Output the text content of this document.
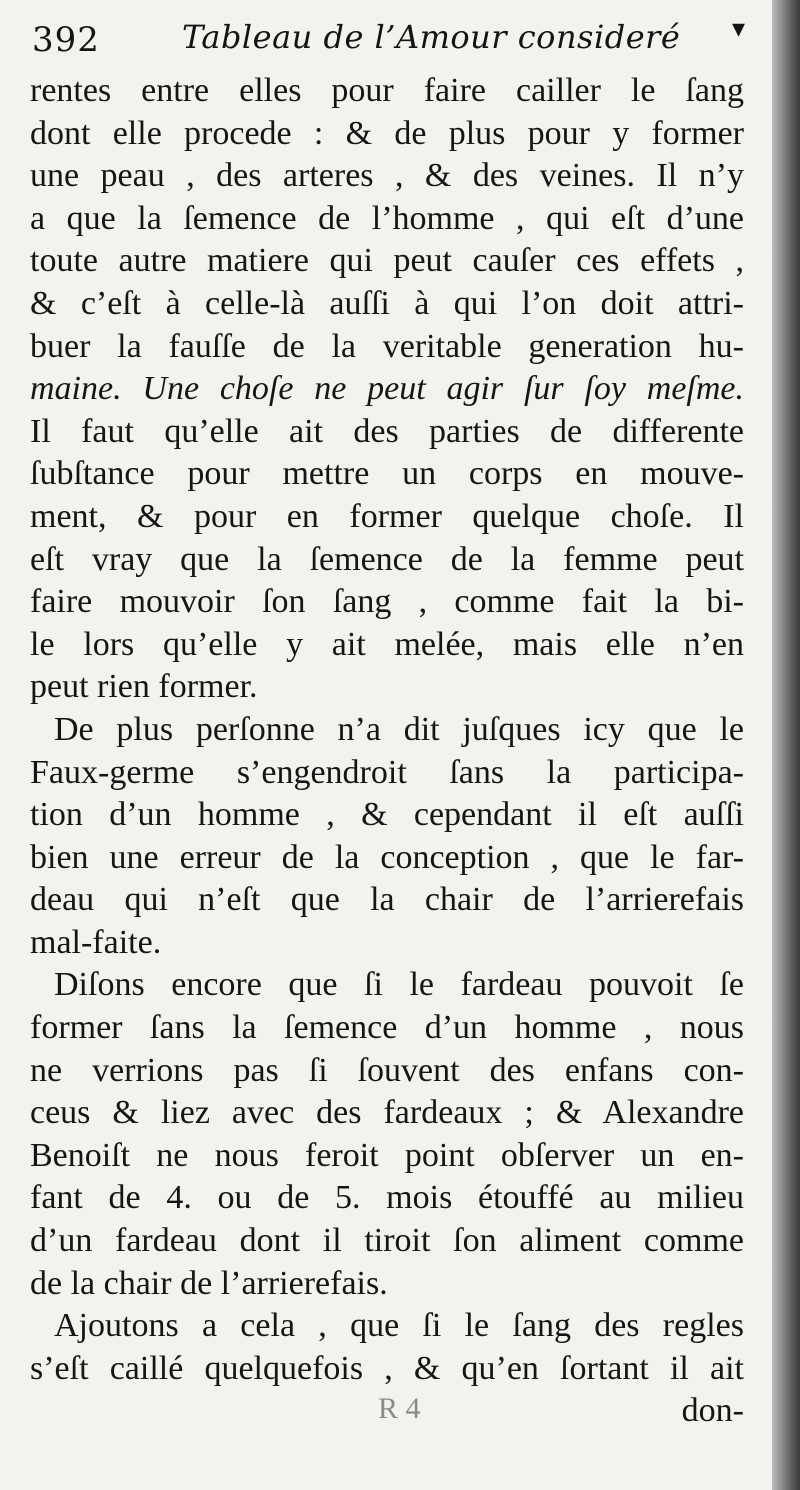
392	Tableau de l’Amour consideré ▾
rentes entre elles pour faire cailler le ſang
dont elle procede : & de plus pour y former
une peau , des arteres , & des veines. Il n’y
a que la ſemence de l’homme , qui eſt d’une
toute autre matiere qui peut cauſer ces effets ,
& c’eſt à celle-là auſſi à qui l’on doit attri-
buer la fauſſe de la veritable generation hu-
maine. Une choſe ne peut agir ſur ſoy meſme.
Il faut qu’elle ait des parties de differente
ſubſtance pour mettre un corps en mouve-
ment, & pour en former quelque choſe. Il
eſt vray que la ſemence de la femme peut
faire mouvoir ſon ſang , comme fait la bi-
le lors qu’elle y ait melée, mais elle n’en
peut rien former.
De plus perſonne n’a dit juſques icy que le
Faux-germe s’engendroit ſans la participa-
tion d’un homme , & cependant il eſt auſſi
bien une erreur de la conception , que le far-
deau qui n’eſt que la chair de l’arrierefais
mal-faite.
Diſons encore que ſi le fardeau pouvoit ſe
former ſans la ſemence d’un homme , nous
ne verrions pas ſi ſouvent des enfans con-
ceus & liez avec des fardeaux ; & Alexandre
Benoiſt ne nous feroit point obſerver un en-
fant de 4. ou de 5. mois étouffé au milieu
d’un fardeau dont il tiroit ſon aliment comme
de la chair de l’arrierefais.
Ajoutons a cela , que ſi le ſang des regles
s’eſt caillé quelquefois , & qu’en ſortant il ait
don-
R 4
